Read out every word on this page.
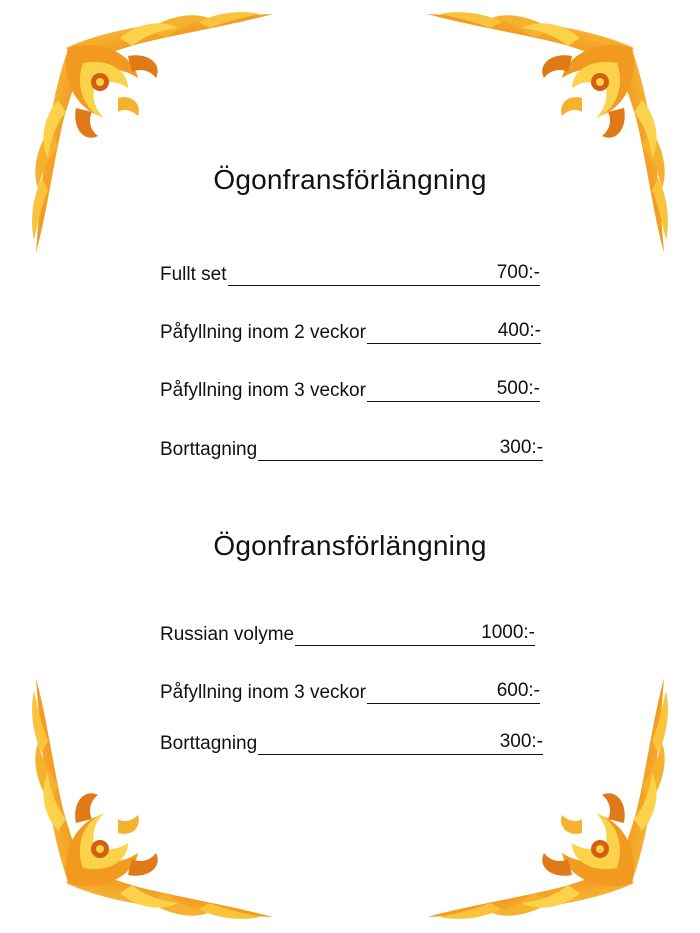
Ögonfransförlängning
Fullt set	700:-
Påfyllning inom 2 veckor	400:-
Påfyllning inom 3 veckor	500:-
Borttagning	300:-
Ögonfransförlängning
Russian volyme	1000:-
Påfyllning inom 3 veckor	600:-
Borttagning	300:-
